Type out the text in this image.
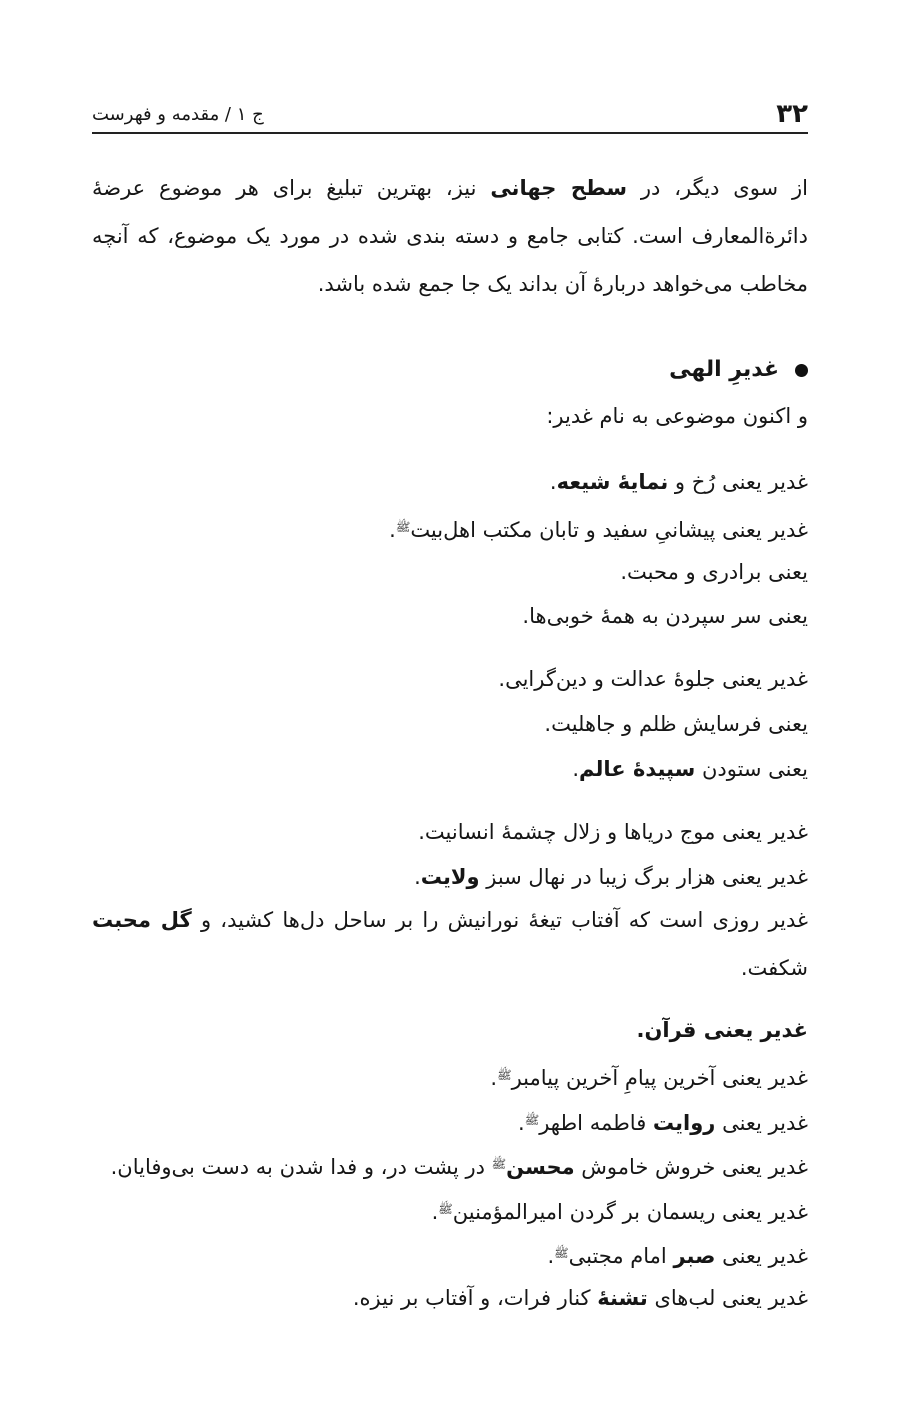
۳۲
ج ۱ / مقدمه و فهرست
از سوی دیگر، در سطح جهانی نیز، بهترین تبلیغ برای هر موضوع عرضهٔ دائرة‌المعارف است. کتابی جامع و دسته بندی شده در مورد یک موضوع، که آنچه مخاطب می‌خواهد دربارهٔ آن بداند یک جا جمع شده باشد.
غدیرِ الهی
و اکنون موضوعی به نام غدیر:
غدیر یعنی رُخ و نمایهٔ شیعه.
غدیر یعنی پیشانیِ سفید و تابان مکتب اهل‌بیت$^ﷺ$.
یعنی برادری و محبت.
یعنی سر سپردن به همهٔ خوبی‌ها.
غدیر یعنی جلوهٔ عدالت و دین‌گرایی.
یعنی فرسایش ظلم و جاهلیت.
یعنی ستودن سپیدهٔ عالم.
غدیر یعنی موج دریاها و زلال چشمهٔ انسانیت.
غدیر یعنی هزار برگ زیبا در نهال سبز ولایت.
غدیر روزی است که آفتاب تیغهٔ نورانیش را بر ساحل دل‌ها کشید، و گل محبت شکفت.
غدیر یعنی قرآن.
غدیر یعنی آخرین پیامِ آخرین پیامبر$^ﷺ$.
غدیر یعنی روایت فاطمه اطهر$^ﷺ$.
غدیر یعنی خروش خاموش محسن$^ﷺ$ در پشت در، و فدا شدن به دست بی‌وفایان.
غدیر یعنی ریسمان بر گردن امیرالمؤمنین$^ﷺ$.
غدیر یعنی صبر امام مجتبی$^ﷺ$.
غدیر یعنی لب‌های تشنهٔ کنار فرات، و آفتاب بر نیزه.
